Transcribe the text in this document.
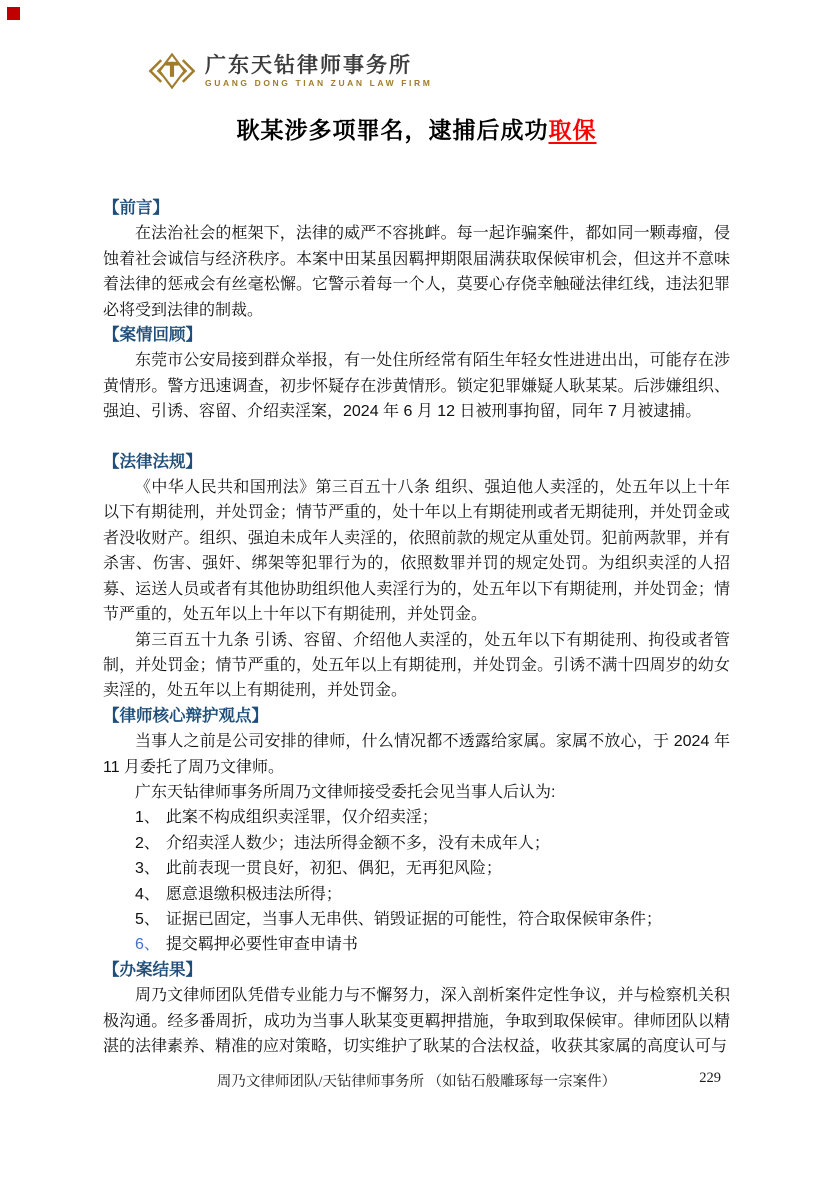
广东天钻律师事务所
GUANG DONG TIAN ZUAN LAW FIRM
耿某涉多项罪名，逮捕后成功取保
【前言】

在法治社会的框架下，法律的威严不容挑衅。每一起诈骗案件，都如同一颗毒瘤，侵蚀着社会诚信与经济秩序。本案中田某虽因羁押期限届满获取保候审机会，但这并不意味着法律的惩戒会有丝毫松懈。它警示着每一个人，莫要心存侥幸触碰法律红线，违法犯罪必将受到法律的制裁。

【案情回顾】

东莞市公安局接到群众举报，有一处住所经常有陌生年轻女性进进出出，可能存在涉黄情形。警方迅速调查，初步怀疑存在涉黄情形。锁定犯罪嫌疑人耿某某。后涉嫌组织、强迫、引诱、容留、介绍卖淫案，2024 年 6 月 12 日被刑事拘留，同年 7 月被逮捕。

【法律法规】

《中华人民共和国刑法》第三百五十八条 组织、强迫他人卖淫的，处五年以上十年以下有期徒刑，并处罚金；情节严重的，处十年以上有期徒刑或者无期徒刑，并处罚金或者没收财产。组织、强迫未成年人卖淫的，依照前款的规定从重处罚。犯前两款罪，并有杀害、伤害、强奸、绑架等犯罪行为的，依照数罪并罚的规定处罚。为组织卖淫的人招募、运送人员或者有其他协助组织他人卖淫行为的，处五年以下有期徒刑，并处罚金；情节严重的，处五年以上十年以下有期徒刑，并处罚金。

第三百五十九条 引诱、容留、介绍他人卖淫的，处五年以下有期徒刑、拘役或者管制，并处罚金；情节严重的，处五年以上有期徒刑，并处罚金。引诱不满十四周岁的幼女卖淫的，处五年以上有期徒刑，并处罚金。

【律师核心辩护观点】

当事人之前是公司安排的律师，什么情况都不透露给家属。家属不放心，于 2024 年 11 月委托了周乃文律师。

广东天钻律师事务所周乃文律师接受委托会见当事人后认为:

1、 此案不构成组织卖淫罪，仅介绍卖淫；
2、 介绍卖淫人数少；违法所得金额不多，没有未成年人；
3、 此前表现一贯良好，初犯、偶犯，无再犯风险；
4、 愿意退缴积极违法所得；
5、 证据已固定，当事人无串供、销毁证据的可能性，符合取保候审条件；
6、 提交羁押必要性审查申请书
【办案结果】

周乃文律师团队凭借专业能力与不懈努力，深入剖析案件定性争议，并与检察机关积极沟通。经多番周折，成功为当事人耿某变更羁押措施，争取到取保候审。律师团队以精湛的法律素养、精准的应对策略，切实维护了耿某的合法权益，收获其家属的高度认可与

周乃文律师团队/天钻律师事务所 （如钻石般雕琢每一宗案件）	229
